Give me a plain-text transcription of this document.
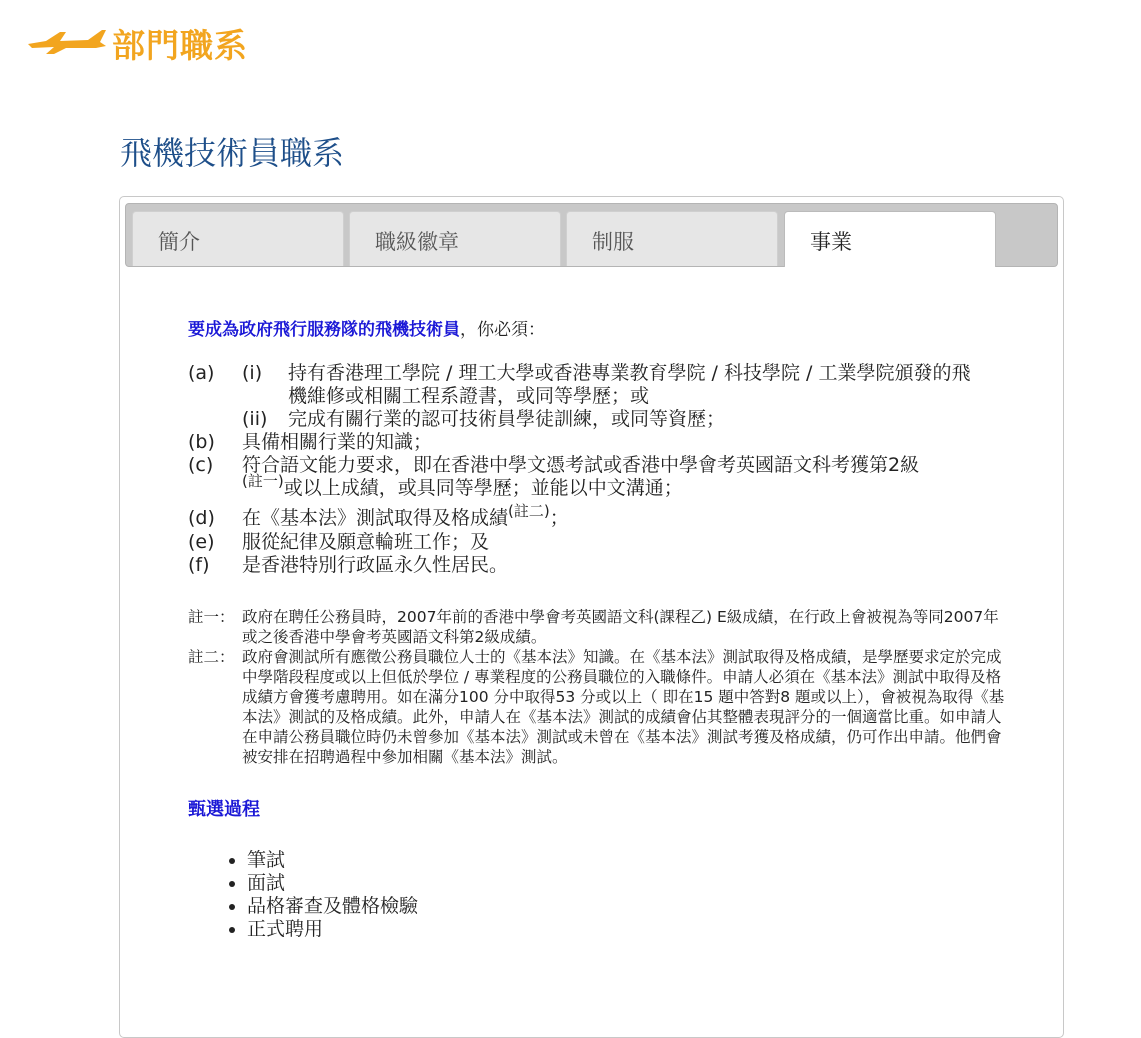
部門職系
飛機技術員職系
簡介	職級徽章	制服	事業

要成為政府飛行服務隊的飛機技術員，你必須：

(a)	(i)	持有香港理工學院 / 理工大學或香港專業教育學院 / 科技學院 / 工業學院頒發的飛機維修或相關工程系證書，或同等學歷；或
(ii)	完成有關行業的認可技術員學徒訓練，或同等資歷；
(b)	具備相關行業的知識；
(c)	符合語文能力要求，即在香港中學文憑考試或香港中學會考英國語文科考獲第2級
$^{(註一)}$或以上成績，或具同等學歷；並能以中文溝通；
(d)	在《基本法》測試取得及格成績$^{(註二)}$；
(e)	服從紀律及願意輪班工作；及
(f)	是香港特別行政區永久性居民。
註一： 政府在聘任公務員時，2007年前的香港中學會考英國語文科(課程乙) E級成績，在行政上會被視為等同2007年或之後香港中學會考英國語文科第2級成績。
註二： 政府會測試所有應徵公務員職位人士的《基本法》知識。在《基本法》測試取得及格成績，是學歷要求定於完成中學階段程度或以上但低於學位 / 專業程度的公務員職位的入職條件。申請人必須在《基本法》測試中取得及格成績方會獲考慮聘用。如在滿分100 分中取得53 分或以上（ 即在15 題中答對8 題或以上），會被視為取得《基本法》測試的及格成績。此外，申請人在《基本法》測試的成績會佔其整體表現評分的一個適當比重。如申請人在申請公務員職位時仍未曾參加《基本法》測試或未曾在《基本法》測試考獲及格成績，仍可作出申請。他們會被安排在招聘過程中參加相關《基本法》測試。
甄選過程
• 筆試
• 面試
• 品格審查及體格檢驗
• 正式聘用
